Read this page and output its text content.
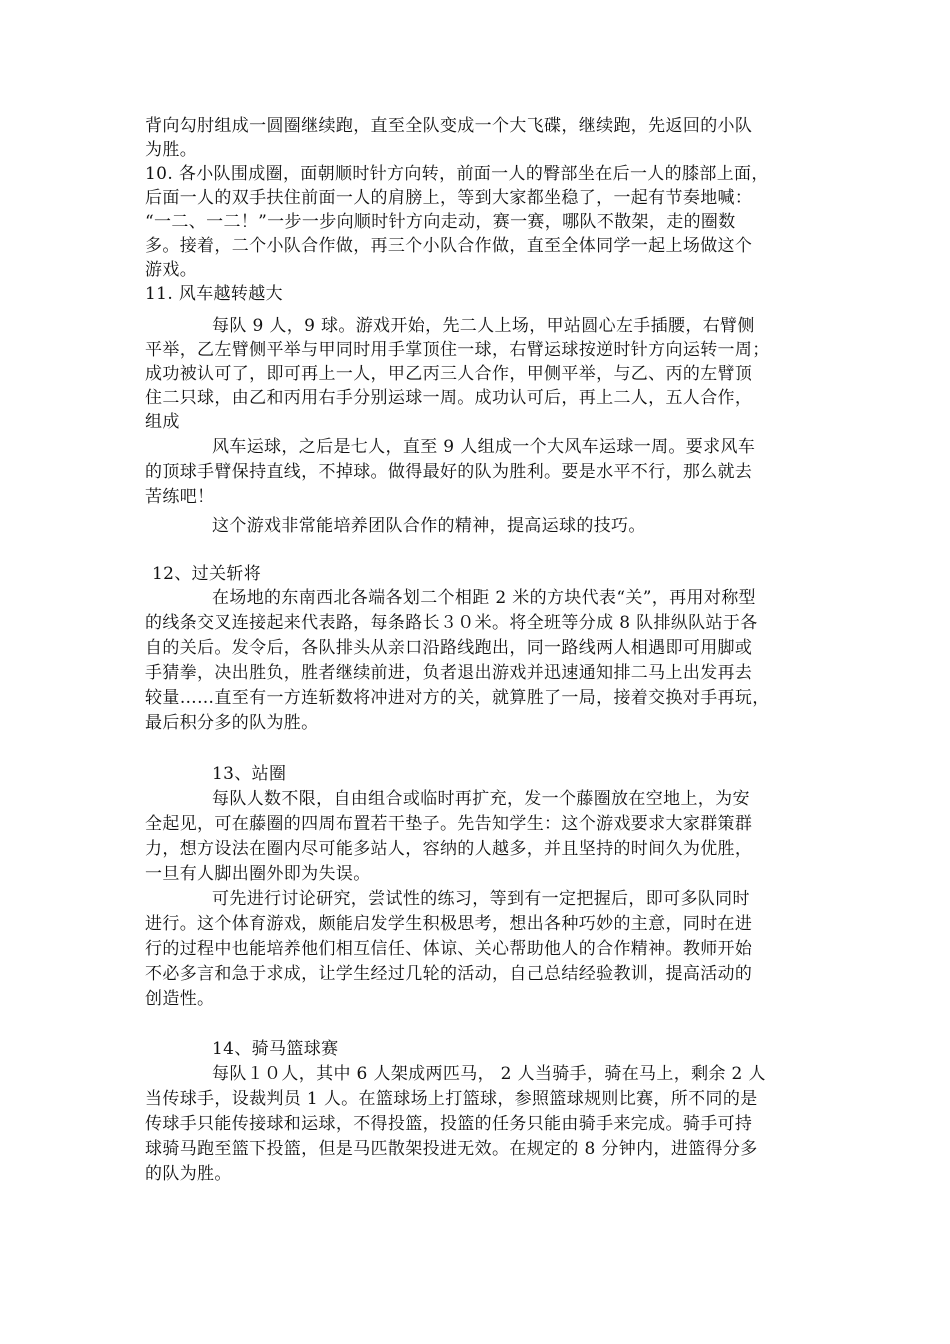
背向勾肘组成一圆圈继续跑，直至全队变成一个大飞碟，继续跑，先返回的小队
为胜。
10. 各小队围成圈，面朝顺时针方向转，前面一人的臀部坐在后一人的膝部上面，
后面一人的双手扶住前面一人的肩膀上，等到大家都坐稳了，一起有节奏地喊：
“一二、一二！”一步一步向顺时针方向走动，赛一赛，哪队不散架，走的圈数
多。接着，二个小队合作做，再三个小队合作做，直至全体同学一起上场做这个
游戏。
11. 风车越转越大
每队 9 人，9 球。游戏开始，先二人上场，甲站圆心左手插腰，右臂侧
平举，乙左臂侧平举与甲同时用手掌顶住一球，右臂运球按逆时针方向运转一周；
成功被认可了，即可再上一人，甲乙丙三人合作，甲侧平举，与乙、丙的左臂顶
住二只球，由乙和丙用右手分别运球一周。成功认可后，再上二人，五人合作，
组成
风车运球，之后是七人，直至 9 人组成一个大风车运球一周。要求风车
的顶球手臂保持直线，不掉球。做得最好的队为胜利。要是水平不行，那么就去
苦练吧！
这个游戏非常能培养团队合作的精神，提高运球的技巧。
12、过关斩将
在场地的东南西北各端各划二个相距 2 米的方块代表“关”，再用对称型
的线条交叉连接起来代表路，每条路长３０米。将全班等分成 8 队排纵队站于各
自的关后。发令后，各队排头从亲口沿路线跑出，同一路线两人相遇即可用脚或
手猜拳，决出胜负，胜者继续前进，负者退出游戏并迅速通知排二马上出发再去
较量……直至有一方连斩数将冲进对方的关，就算胜了一局，接着交换对手再玩，
最后积分多的队为胜。
13、站圈
每队人数不限，自由组合或临时再扩充，发一个藤圈放在空地上，为安
全起见，可在藤圈的四周布置若干垫子。先告知学生：这个游戏要求大家群策群
力，想方设法在圈内尽可能多站人，容纳的人越多，并且坚持的时间久为优胜，
一旦有人脚出圈外即为失误。
可先进行讨论研究，尝试性的练习，等到有一定把握后，即可多队同时
进行。这个体育游戏，颇能启发学生积极思考，想出各种巧妙的主意，同时在进
行的过程中也能培养他们相互信任、体谅、关心帮助他人的合作精神。教师开始
不必多言和急于求成，让学生经过几轮的活动，自己总结经验教训，提高活动的
创造性。
14、骑马篮球赛
每队１０人，其中 6 人架成两匹马， 2 人当骑手，骑在马上，剩余 2 人
当传球手，设裁判员 1 人。在篮球场上打篮球，参照篮球规则比赛，所不同的是
传球手只能传接球和运球，不得投篮，投篮的任务只能由骑手来完成。骑手可持
球骑马跑至篮下投篮，但是马匹散架投进无效。在规定的 8 分钟内，进篮得分多
的队为胜。
